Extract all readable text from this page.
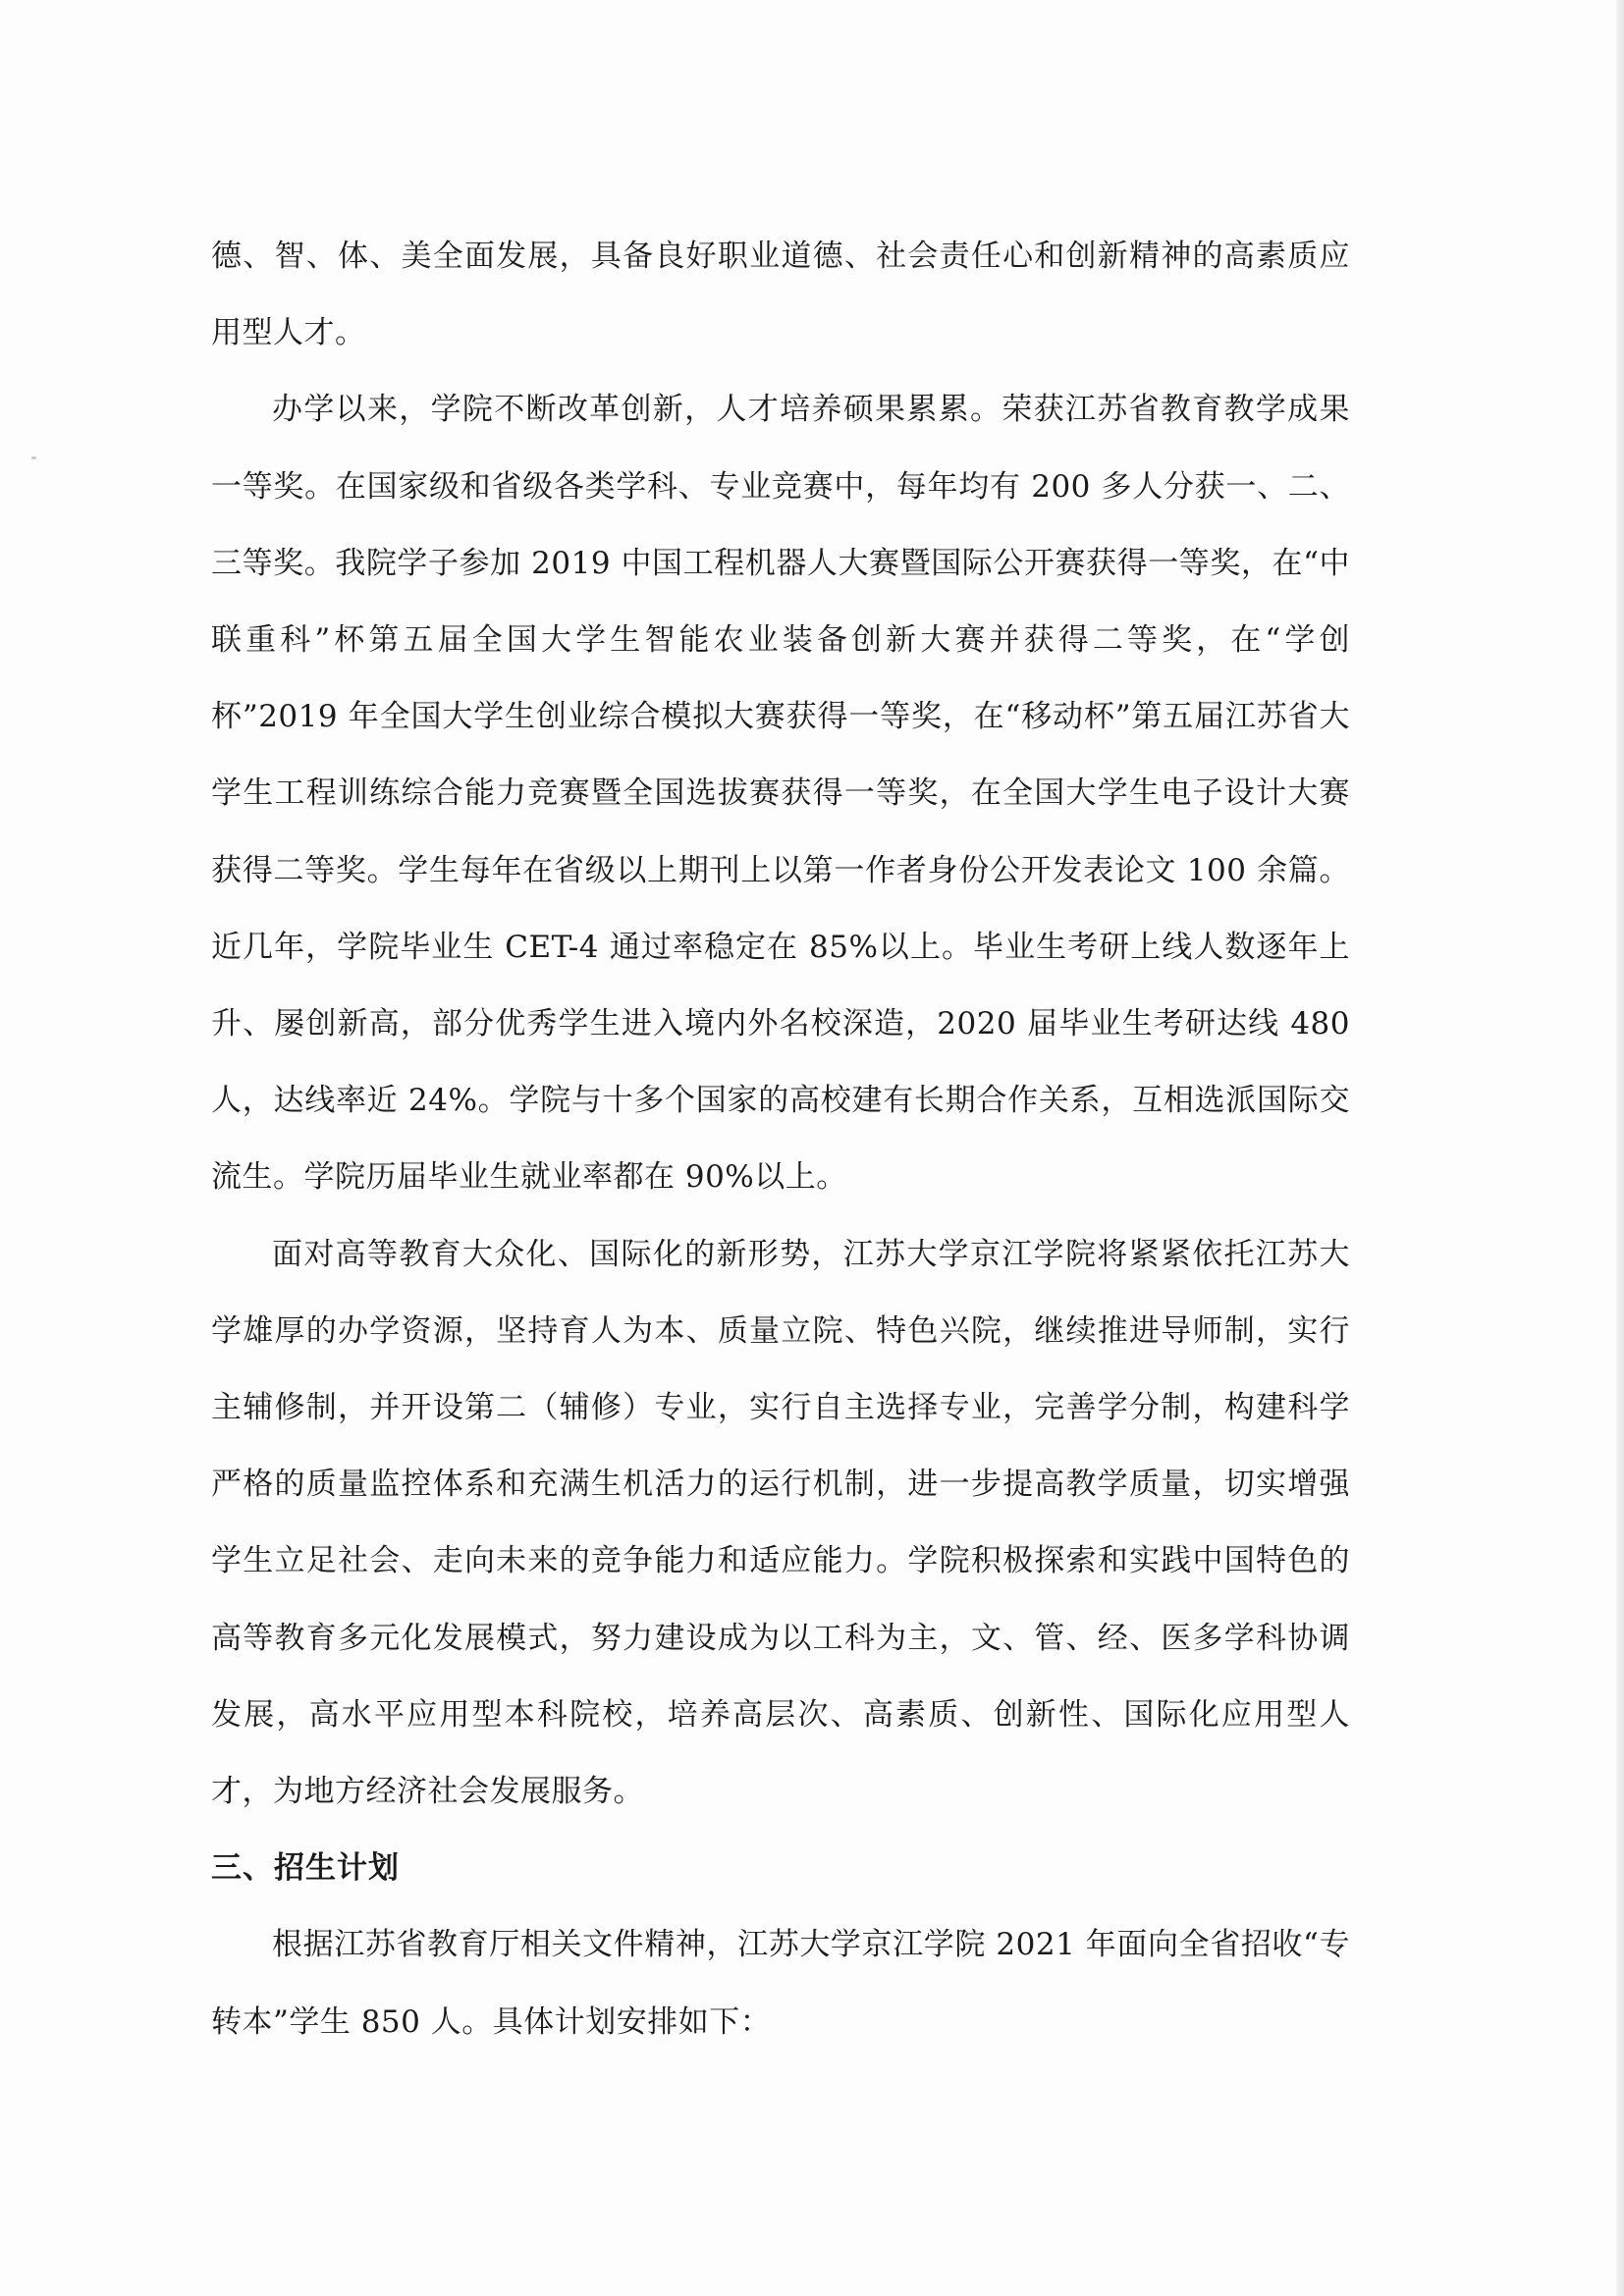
德、智、体、美全面发展，具备良好职业道德、社会责任心和创新精神的高素质应用型人才。

办学以来，学院不断改革创新，人才培养硕果累累。荣获江苏省教育教学成果一等奖。在国家级和省级各类学科、专业竞赛中，每年均有 200 多人分获一、二、三等奖。我院学子参加 2019 中国工程机器人大赛暨国际公开赛获得一等奖，在“中联重科”杯第五届全国大学生智能农业装备创新大赛并获得二等奖，在“学创杯”2019 年全国大学生创业综合模拟大赛获得一等奖，在“移动杯”第五届江苏省大学生工程训练综合能力竞赛暨全国选拔赛获得一等奖，在全国大学生电子设计大赛获得二等奖。学生每年在省级以上期刊上以第一作者身份公开发表论文 100 余篇。近几年，学院毕业生 CET-4 通过率稳定在 85%以上。毕业生考研上线人数逐年上升、屡创新高，部分优秀学生进入境内外名校深造，2020 届毕业生考研达线 480 人，达线率近 24%。学院与十多个国家的高校建有长期合作关系，互相选派国际交流生。学院历届毕业生就业率都在 90%以上。

面对高等教育大众化、国际化的新形势，江苏大学京江学院将紧紧依托江苏大学雄厚的办学资源，坚持育人为本、质量立院、特色兴院，继续推进导师制，实行主辅修制，并开设第二（辅修）专业，实行自主选择专业，完善学分制，构建科学严格的质量监控体系和充满生机活力的运行机制，进一步提高教学质量，切实增强学生立足社会、走向未来的竞争能力和适应能力。学院积极探索和实践中国特色的高等教育多元化发展模式，努力建设成为以工科为主，文、管、经、医多学科协调发展，高水平应用型本科院校，培养高层次、高素质、创新性、国际化应用型人才，为地方经济社会发展服务。

三、招生计划

根据江苏省教育厅相关文件精神，江苏大学京江学院 2021 年面向全省招收“专转本”学生 850 人。具体计划安排如下：
